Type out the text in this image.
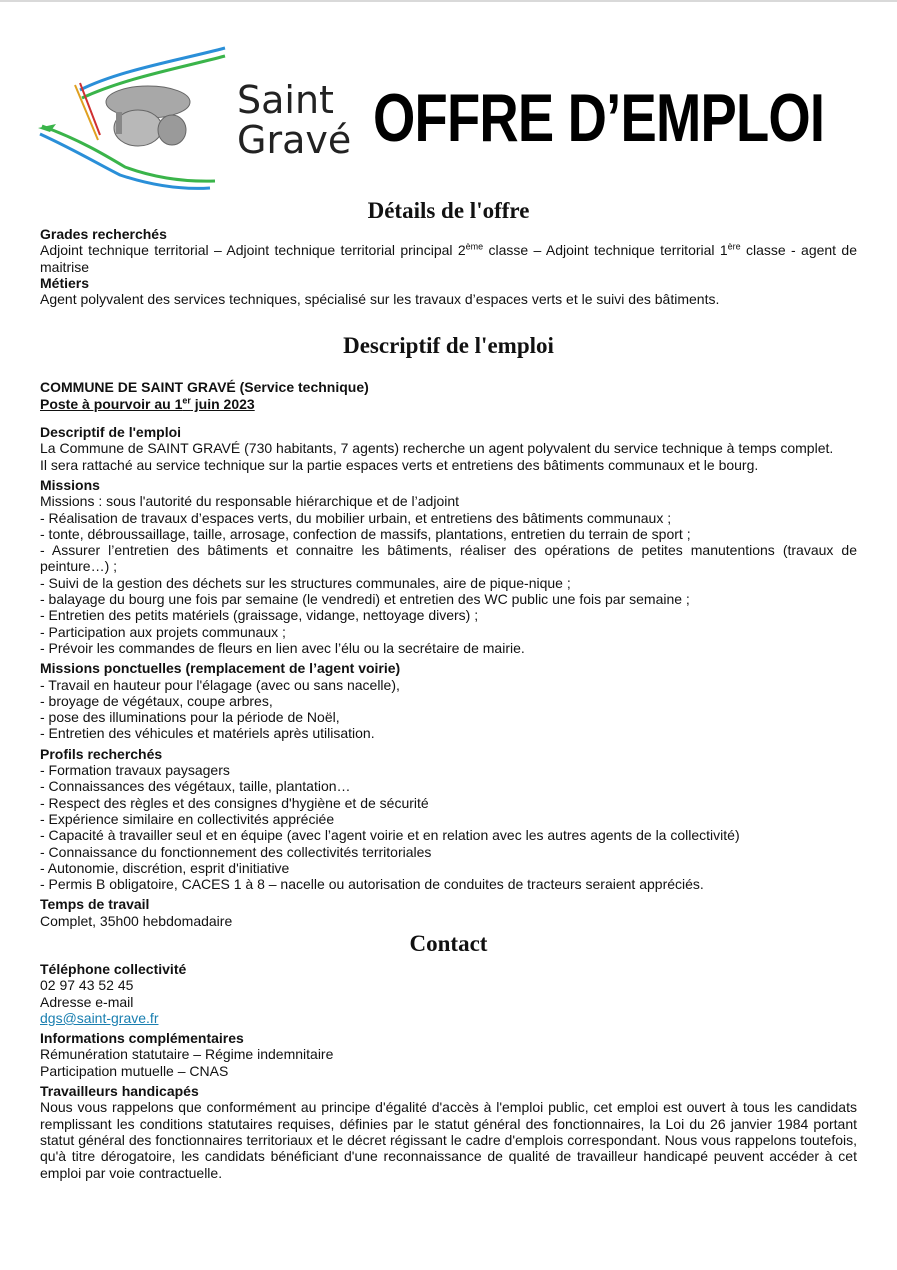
Saint
Gravé OFFRE D’EMPLOI
Détails de l'offre
Grades recherchés
Adjoint technique territorial – Adjoint technique territorial principal 2ème classe – Adjoint technique territorial 1ère classe - agent de maitrise
Métiers
Agent polyvalent des services techniques, spécialisé sur les travaux d’espaces verts et le suivi des bâtiments.
Descriptif de l'emploi
COMMUNE DE SAINT GRAVÉ (Service technique)
Poste à pourvoir au 1er juin 2023
Descriptif de l'emploi
La Commune de SAINT GRAVÉ (730 habitants, 7 agents) recherche un agent polyvalent du service technique à temps complet.
Il sera rattaché au service technique sur la partie espaces verts et entretiens des bâtiments communaux et le bourg.
Missions
Missions : sous l'autorité du responsable hiérarchique et de l’adjoint
- Réalisation de travaux d’espaces verts, du mobilier urbain, et entretiens des bâtiments communaux ;
- tonte, débroussaillage, taille, arrosage, confection de massifs, plantations, entretien du terrain de sport ;
- Assurer l’entretien des bâtiments et connaitre les bâtiments, réaliser des opérations de petites manutentions (travaux de peinture…) ;
- Suivi de la gestion des déchets sur les structures communales, aire de pique-nique ;
- balayage du bourg une fois par semaine (le vendredi) et entretien des WC public une fois par semaine ;
- Entretien des petits matériels (graissage, vidange, nettoyage divers) ;
- Participation aux projets communaux ;
- Prévoir les commandes de fleurs en lien avec l’élu ou la secrétaire de mairie.
Missions ponctuelles (remplacement de l’agent voirie)
- Travail en hauteur pour l'élagage (avec ou sans nacelle),
- broyage de végétaux, coupe arbres,
- pose des illuminations pour la période de Noël,
- Entretien des véhicules et matériels après utilisation.
Profils recherchés
- Formation travaux paysagers
- Connaissances des végétaux, taille, plantation…
- Respect des règles et des consignes d'hygiène et de sécurité
- Expérience similaire en collectivités appréciée
- Capacité à travailler seul et en équipe (avec l’agent voirie et en relation avec les autres agents de la collectivité)
- Connaissance du fonctionnement des collectivités territoriales
- Autonomie, discrétion, esprit d'initiative
- Permis B obligatoire, CACES 1 à 8 – nacelle ou autorisation de conduites de tracteurs seraient appréciés.
Temps de travail
Complet, 35h00 hebdomadaire
Contact
Téléphone collectivité
02 97 43 52 45
Adresse e-mail
dgs@saint-grave.fr
Informations complémentaires
Rémunération statutaire – Régime indemnitaire
Participation mutuelle – CNAS
Travailleurs handicapés
Nous vous rappelons que conformément au principe d'égalité d'accès à l'emploi public, cet emploi est ouvert à tous les candidats remplissant les conditions statutaires requises, définies par le statut général des fonctionnaires, la Loi du 26 janvier 1984 portant statut général des fonctionnaires territoriaux et le décret régissant le cadre d'emplois correspondant. Nous vous rappelons toutefois, qu'à titre dérogatoire, les candidats bénéficiant d'une reconnaissance de qualité de travailleur handicapé peuvent accéder à cet emploi par voie contractuelle.
